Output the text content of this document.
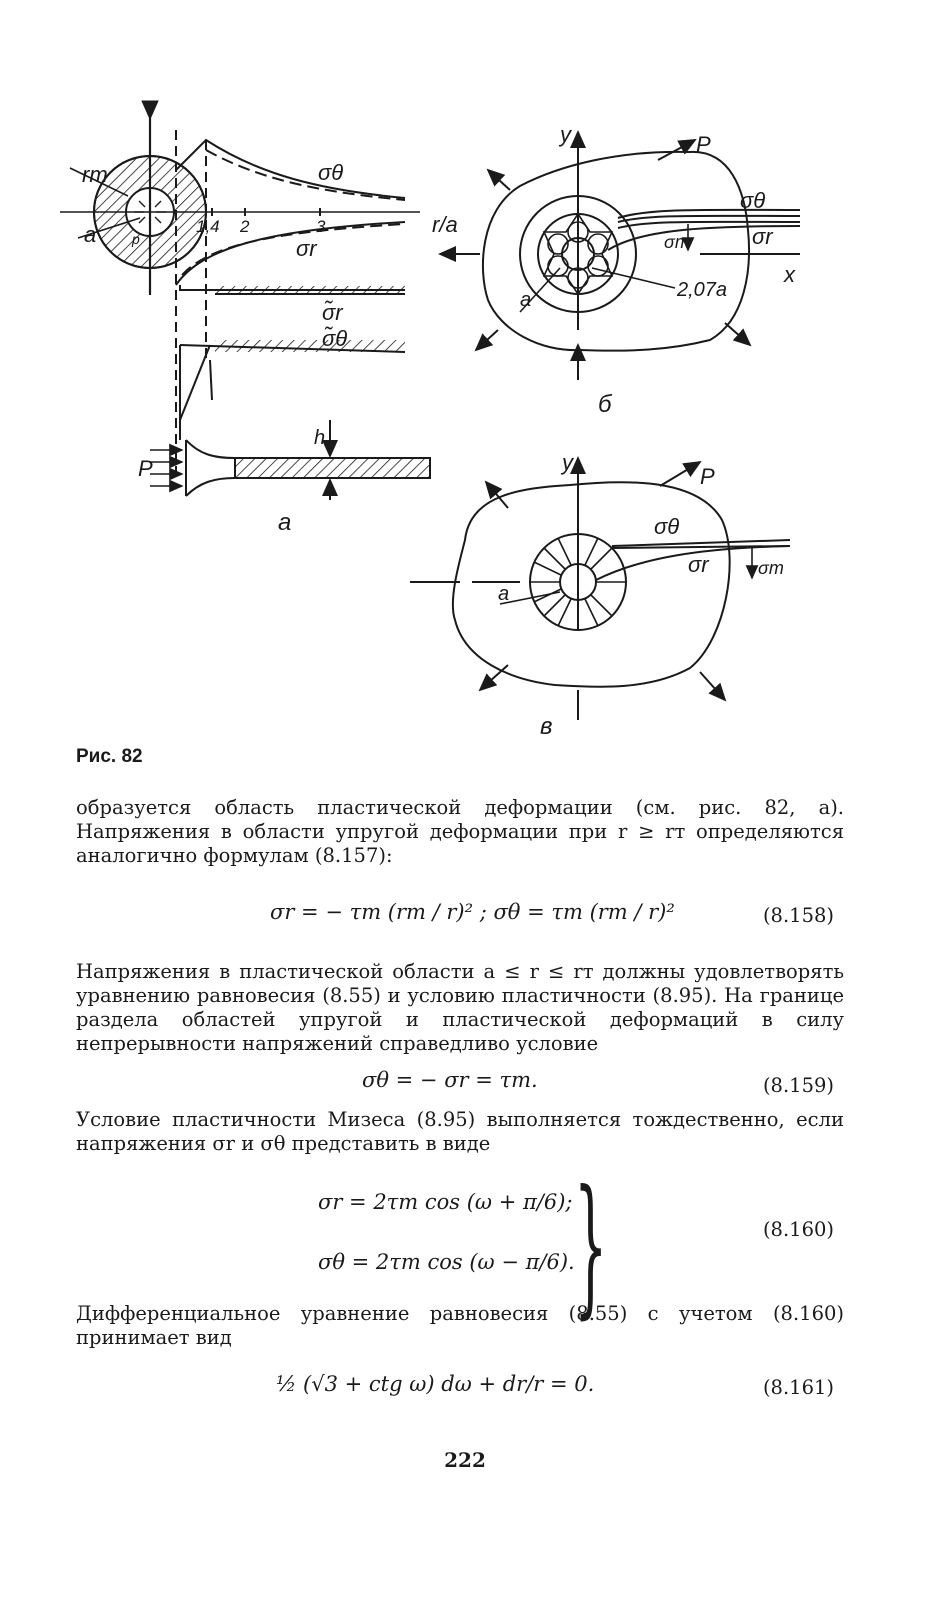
rт
a	p
1,4 2	3	r/a
σθ
σr
σ̃r
σ̃θ
h
P
а
y	P
σθ
σr
σт
x
2,07a
a
б
y
P
σθ
σr	σт
a
в
Рис. 82
образуется область пластической деформации (см. рис. 82, а). Напряжения в области упругой деформации при r ≥ rт определяются аналогично формулам (8.157):
σr = − τт (rт / r)² ; σθ = τт (rт / r)²	(8.158)
Напряжения в пластической области a ≤ r ≤ rт должны удовлетворять уравнению равновесия (8.55) и условию пластичности (8.95). На границе раздела областей упругой и пластической деформаций в силу непрерывности напряжений справедливо условие
σθ = − σr = τт.	(8.159)
Условие пластичности Мизеса (8.95) выполняется тождественно, если напряжения σr и σθ представить в виде
σr = 2τт cos (ω + π/6);
σθ = 2τт cos (ω − π/6). }	(8.160)
Дифференциальное уравнение равновесия (8.55) с учетом (8.160) принимает вид
½ (√3 + ctg ω) dω + dr/r = 0.	(8.161)
222
